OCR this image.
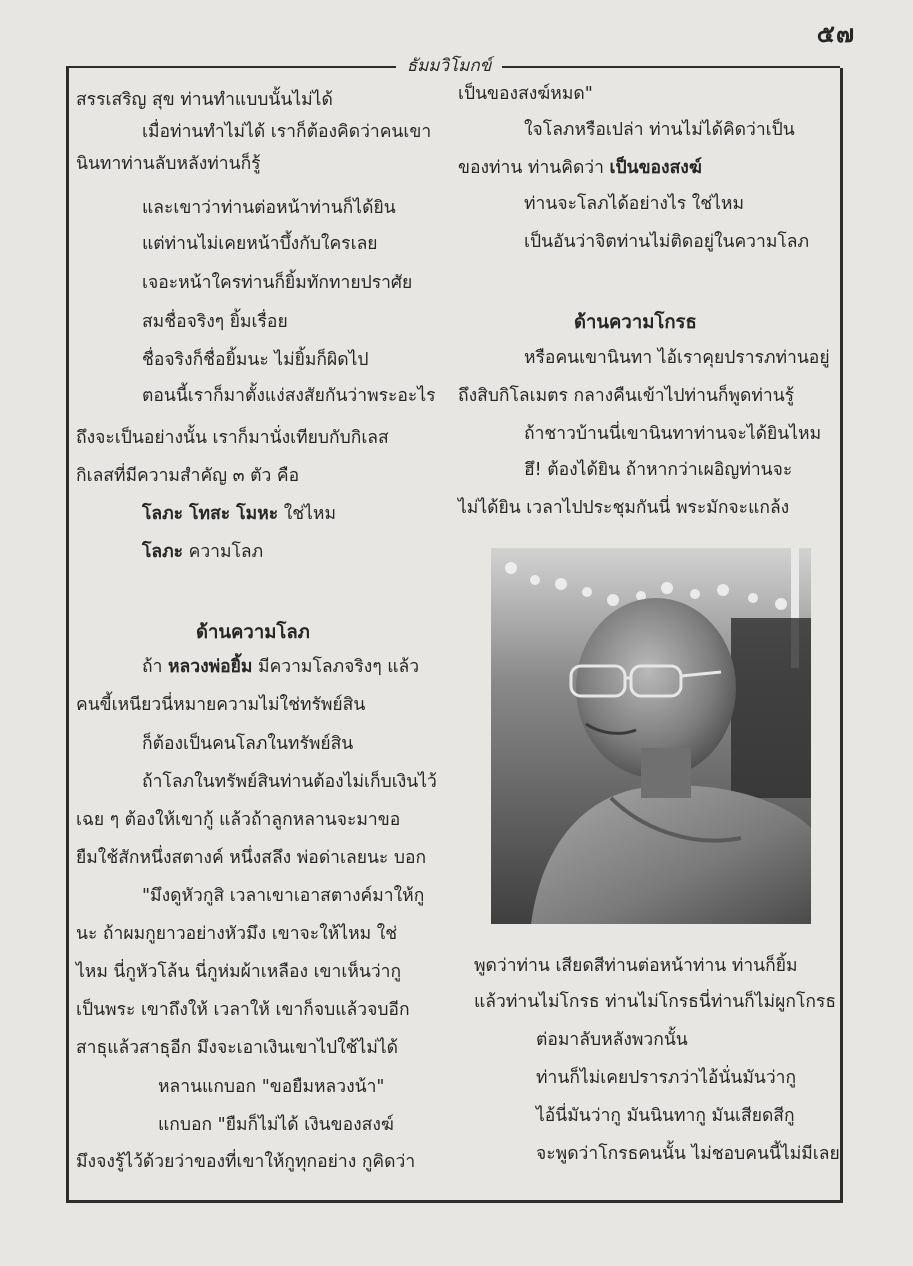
๕๗
ธัมมวิโมกข์
สรรเสริญ สุข ท่านทำแบบนั้นไม่ได้
เมื่อท่านทำไม่ได้ เราก็ต้องคิดว่าคนเขา
นินทาท่านลับหลังท่านก็รู้
และเขาว่าท่านต่อหน้าท่านก็ได้ยิน
แต่ท่านไม่เคยหน้าบึ้งกับใครเลย
เจอะหน้าใครท่านก็ยิ้มทักทายปราศัย
สมชื่อจริงๆ ยิ้มเรื่อย
ชื่อจริงก็ชื่อยิ้มนะ ไม่ยิ้มก็ผิดไป
ตอนนี้เราก็มาตั้งแง่สงสัยกันว่าพระอะไร
ถึงจะเป็นอย่างนั้น เราก็มานั่งเทียบกับกิเลส
กิเลสที่มีความสำคัญ ๓ ตัว คือ
โลภะ โทสะ โมหะ ใช่ไหม
โลภะ ความโลภ
ด้านความโลภ
ถ้า หลวงพ่อยิ้ม มีความโลภจริงๆ แล้ว
คนขี้เหนียวนี่หมายความไม่ใช่ทรัพย์สิน
ก็ต้องเป็นคนโลภในทรัพย์สิน
ถ้าโลภในทรัพย์สินท่านต้องไม่เก็บเงินไว้
เฉย ๆ ต้องให้เขากู้ แล้วถ้าลูกหลานจะมาขอ
ยืมใช้สักหนึ่งสตางค์ หนึ่งสลึง พ่อด่าเลยนะ บอก
"มึงดูหัวกูสิ เวลาเขาเอาสตางค์มาให้กู
นะ ถ้าผมกูยาวอย่างหัวมึง เขาจะให้ไหม ใช่
ไหม นี่กูหัวโล้น นี่กูห่มผ้าเหลือง เขาเห็นว่ากู
เป็นพระ เขาถึงให้ เวลาให้ เขาก็จบแล้วจบอีก
สาธุแล้วสาธุอีก มึงจะเอาเงินเขาไปใช้ไม่ได้
หลานแกบอก "ขอยืมหลวงน้า"
แกบอก "ยืมก็ไม่ได้ เงินของสงฆ์
มึงจงรู้ไว้ด้วยว่าของที่เขาให้กูทุกอย่าง กูคิดว่า
เป็นของสงฆ์หมด"
ใจโลภหรือเปล่า ท่านไม่ได้คิดว่าเป็น
ของท่าน ท่านคิดว่า เป็นของสงฆ์
ท่านจะโลภได้อย่างไร ใช่ไหม
เป็นอันว่าจิตท่านไม่ติดอยู่ในความโลภ
ด้านความโกรธ
หรือคนเขานินทา ไอ้เราคุยปรารภท่านอยู่
ถึงสิบกิโลเมตร กลางคืนเข้าไปท่านก็พูดท่านรู้
ถ้าชาวบ้านนี่เขานินทาท่านจะได้ยินไหม
ฮึ! ต้องได้ยิน ถ้าหากว่าเผอิญท่านจะ
ไม่ได้ยิน เวลาไปประชุมกันนี่ พระมักจะแกล้ง
พูดว่าท่าน เสียดสีท่านต่อหน้าท่าน ท่านก็ยิ้ม
แล้วท่านไม่โกรธ ท่านไม่โกรธนี่ท่านก็ไม่ผูกโกรธ
ต่อมาลับหลังพวกนั้น
ท่านก็ไม่เคยปรารภว่าไอ้นั่นมันว่ากู
ไอ้นี่มันว่ากู มันนินทากู มันเสียดสีกู
จะพูดว่าโกรธคนนั้น ไม่ชอบคนนี้ไม่มีเลย
